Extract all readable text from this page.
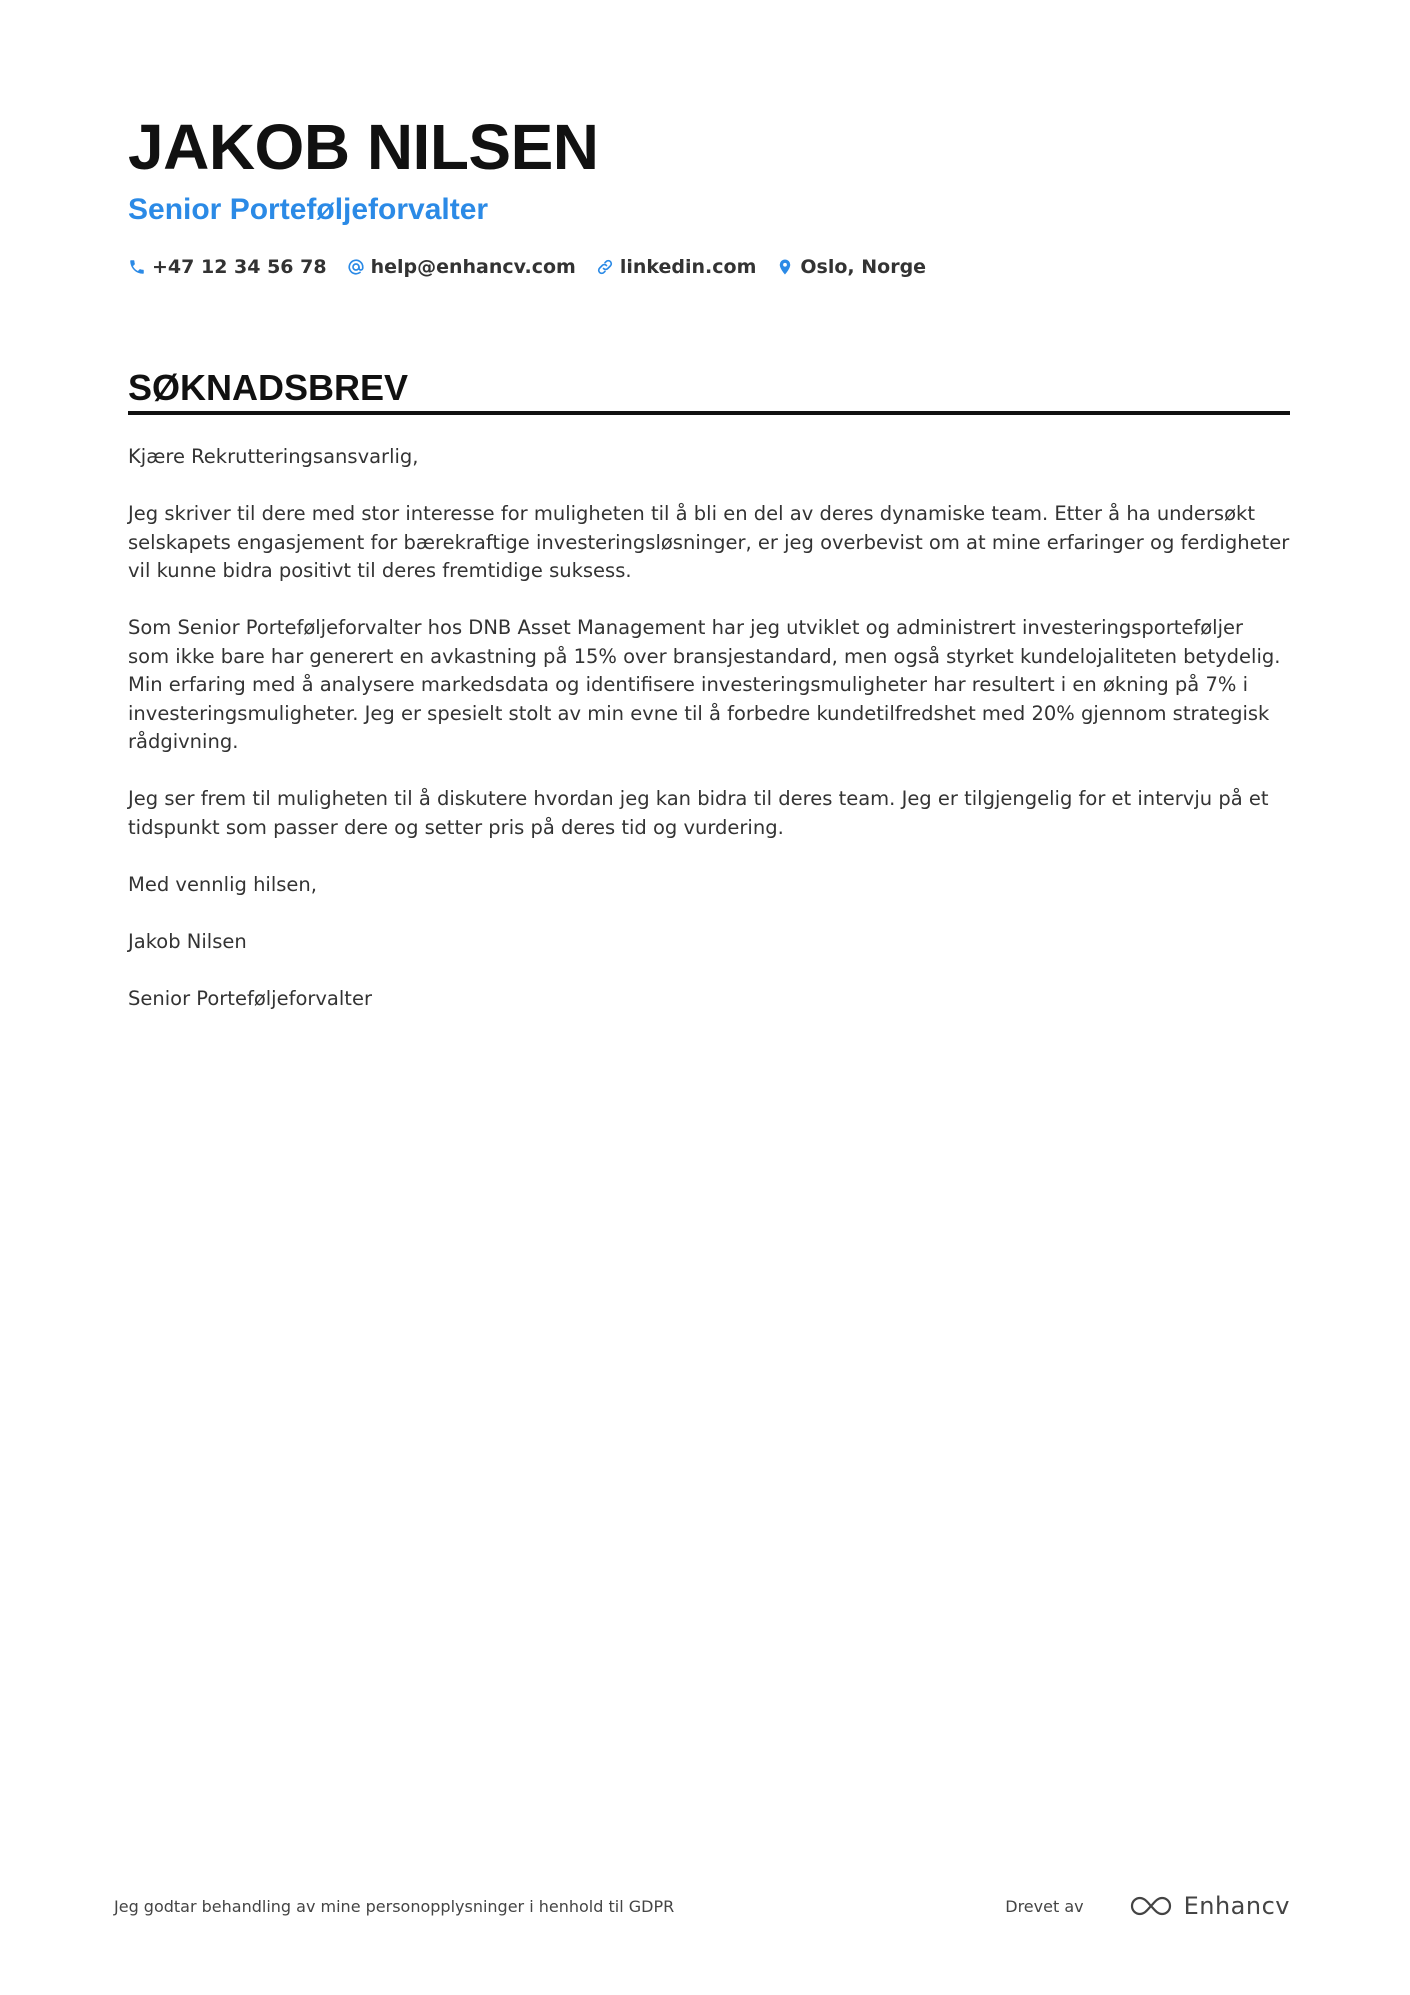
JAKOB NILSEN
Senior Porteføljeforvalter
+47 12 34 56 78 help@enhancv.com linkedin.com Oslo, Norge
SØKNADSBREV

Kjære Rekrutteringsansvarlig,

Jeg skriver til dere med stor interesse for muligheten til å bli en del av deres dynamiske team. Etter å ha undersøkt selskapets engasjement for bærekraftige investeringsløsninger, er jeg overbevist om at mine erfaringer og ferdigheter vil kunne bidra positivt til deres fremtidige suksess.

Som Senior Porteføljeforvalter hos DNB Asset Management har jeg utviklet og administrert investeringsporteføljer som ikke bare har generert en avkastning på 15% over bransjestandard, men også styrket kundelojaliteten betydelig. Min erfaring med å analysere markedsdata og identifisere investeringsmuligheter har resultert i en økning på 7% i investeringsmuligheter. Jeg er spesielt stolt av min evne til å forbedre kundetilfredshet med 20% gjennom strategisk rådgivning.

Jeg ser frem til muligheten til å diskutere hvordan jeg kan bidra til deres team. Jeg er tilgjengelig for et intervju på et tidspunkt som passer dere og setter pris på deres tid og vurdering.

Med vennlig hilsen,

Jakob Nilsen

Senior Porteføljeforvalter

Jeg godtar behandling av mine personopplysninger i henhold til GDPR	Drevet av	Enhancv
